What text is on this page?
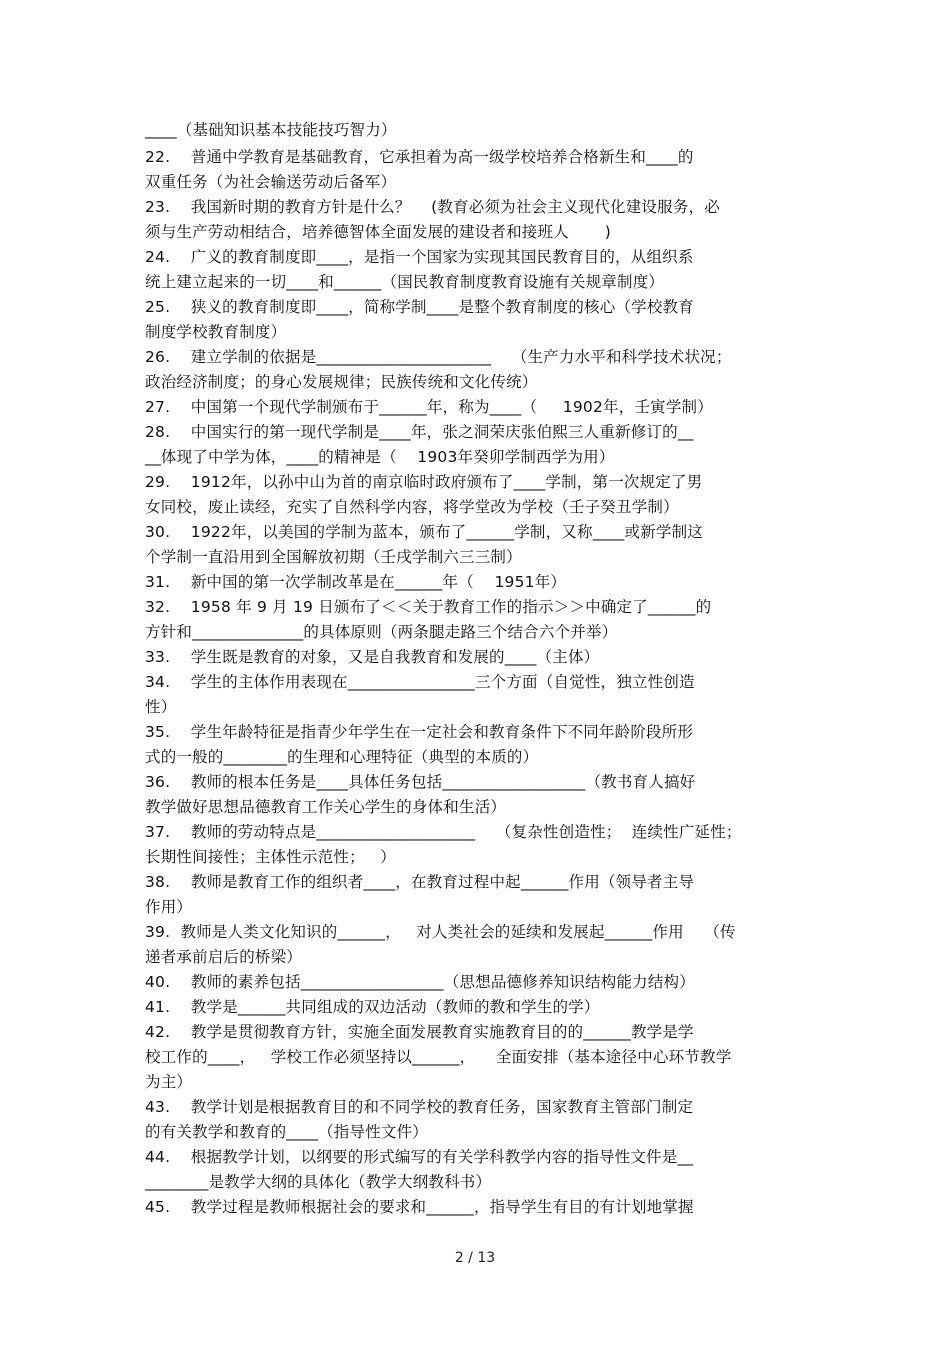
____（基础知识基本技能技巧智力）
22.    普通中学教育是基础教育，它承担着为高一级学校培养合格新生和____的
双重任务（为社会输送劳动后备军）
23.    我国新时期的教育方针是什么？    (教育必须为社会主义现代化建设服务，必
须与生产劳动相结合，培养德智体全面发展的建设者和接班人       )
24.    广义的教育制度即____，是指一个国家为实现其国民教育目的，从组织系
统上建立起来的一切____和______（国民教育制度教育设施有关规章制度）
25.    狭义的教育制度即____，简称学制____是整个教育制度的核心（学校教育
制度学校教育制度）
26.    建立学制的依据是______________________    （生产力水平和科学技术状况；
政治经济制度；的身心发展规律；民族传统和文化传统）
27.    中国第一个现代学制颁布于______年，称为____（     1902年，壬寅学制）
28.    中国实行的第一现代学制是____年，张之洞荣庆张伯熙三人重新修订的__
__体现了中学为体，____的精神是（    1903年癸卯学制西学为用）
29.    1912年，以孙中山为首的南京临时政府颁布了____学制，第一次规定了男
女同校，废止读经，充实了自然科学内容，将学堂改为学校（壬子癸丑学制）
30.    1922年，以美国的学制为蓝本，颁布了______学制，又称____或新学制这
个学制一直沿用到全国解放初期（壬戌学制六三三制）
31.    新中国的第一次学制改革是在______年（    1951年）
32.    1958 年 9 月 19 日颁布了＜＜关于教育工作的指示＞＞中确定了______的
方针和______________的具体原则（两条腿走路三个结合六个并举）
33.    学生既是教育的对象，又是自我教育和发展的____（主体）
34.    学生的主体作用表现在________________三个方面（自觉性，独立性创造
性）
35.    学生年龄特征是指青少年学生在一定社会和教育条件下不同年龄阶段所形
式的一般的________的生理和心理特征（典型的本质的）
36.    教师的根本任务是____具体任务包括__________________（教书育人搞好
教学做好思想品德教育工作关心学生的身体和生活）
37.    教师的劳动特点是____________________    （复杂性创造性；  连续性广延性；
长期性间接性；主体性示范性；   ）
38.    教师是教育工作的组织者____，在教育过程中起______作用（领导者主导
作用）
39.  教师是人类文化知识的______，   对人类社会的延续和发展起______作用    （传
递者承前启后的桥梁）
40.    教师的素养包括__________________（思想品德修养知识结构能力结构）
41.    教学是______共同组成的双边活动（教师的教和学生的学）
42.    教学是贯彻教育方针，实施全面发展教育实施教育目的的______教学是学
校工作的____，   学校工作必须坚持以______，    全面安排（基本途径中心环节教学
为主）
43.    教学计划是根据教育目的和不同学校的教育任务，国家教育主管部门制定
的有关教学和教育的____（指导性文件）
44.    根据教学计划，以纲要的形式编写的有关学科教学内容的指导性文件是__
________是教学大纲的具体化（教学大纲教科书）
45.    教学过程是教师根据社会的要求和______，指导学生有目的有计划地掌握
2 / 13
